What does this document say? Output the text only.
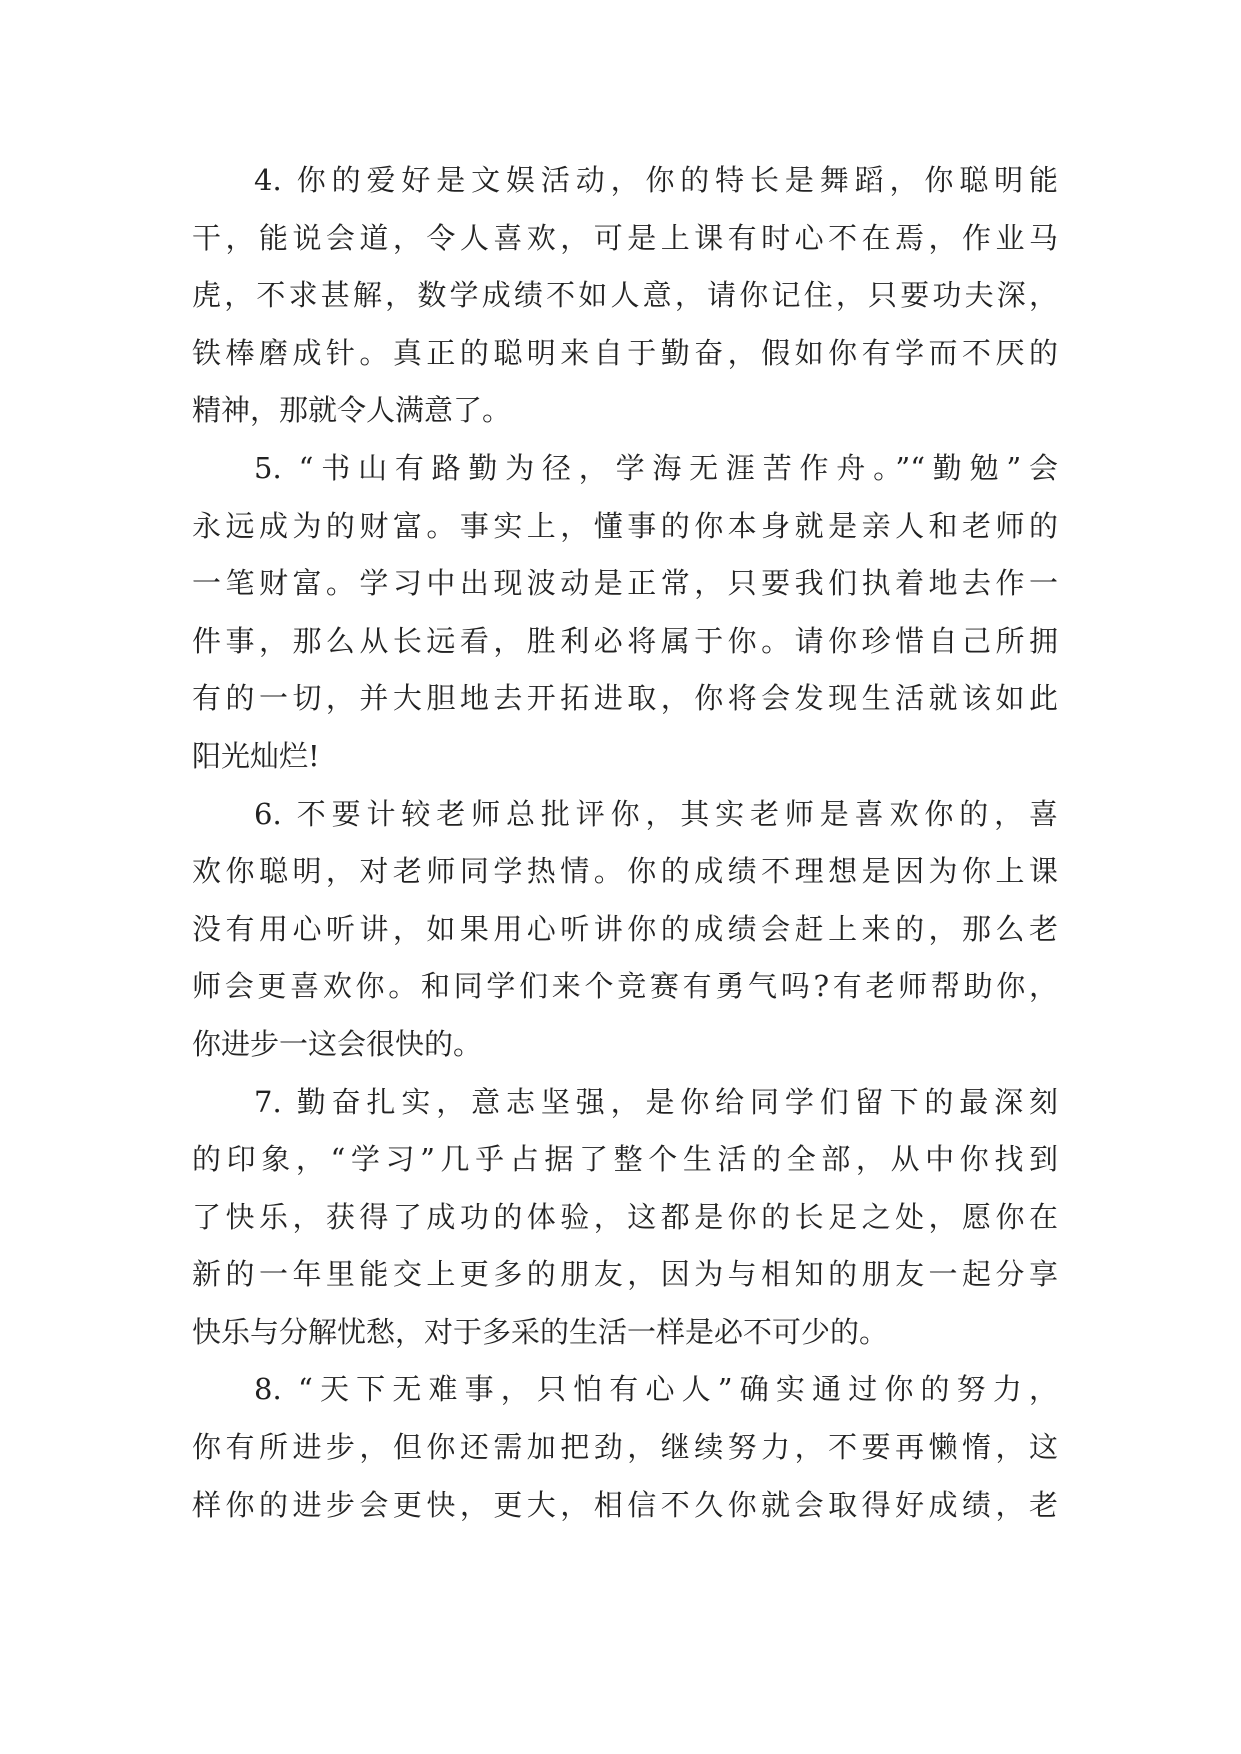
4. 你的爱好是文娱活动，你的特长是舞蹈，你聪明能
干，能说会道，令人喜欢，可是上课有时心不在焉，作业马
虎，不求甚解，数学成绩不如人意，请你记住，只要功夫深，
铁棒磨成针。真正的聪明来自于勤奋，假如你有学而不厌的
精神，那就令人满意了。
5. “书山有路勤为径，学海无涯苦作舟。”“勤勉”会
永远成为的财富。事实上，懂事的你本身就是亲人和老师的
一笔财富。学习中出现波动是正常，只要我们执着地去作一
件事，那么从长远看，胜利必将属于你。请你珍惜自己所拥
有的一切，并大胆地去开拓进取，你将会发现生活就该如此
阳光灿烂!
6. 不要计较老师总批评你，其实老师是喜欢你的，喜
欢你聪明，对老师同学热情。你的成绩不理想是因为你上课
没有用心听讲，如果用心听讲你的成绩会赶上来的，那么老
师会更喜欢你。和同学们来个竞赛有勇气吗?有老师帮助你，
你进步一这会很快的。
7. 勤奋扎实，意志坚强，是你给同学们留下的最深刻
的印象，“学习”几乎占据了整个生活的全部，从中你找到
了快乐，获得了成功的体验，这都是你的长足之处，愿你在
新的一年里能交上更多的朋友，因为与相知的朋友一起分享
快乐与分解忧愁，对于多采的生活一样是必不可少的。
8. “天下无难事，只怕有心人”确实通过你的努力，
你有所进步，但你还需加把劲，继续努力，不要再懒惰，这
样你的进步会更快，更大，相信不久你就会取得好成绩，老
